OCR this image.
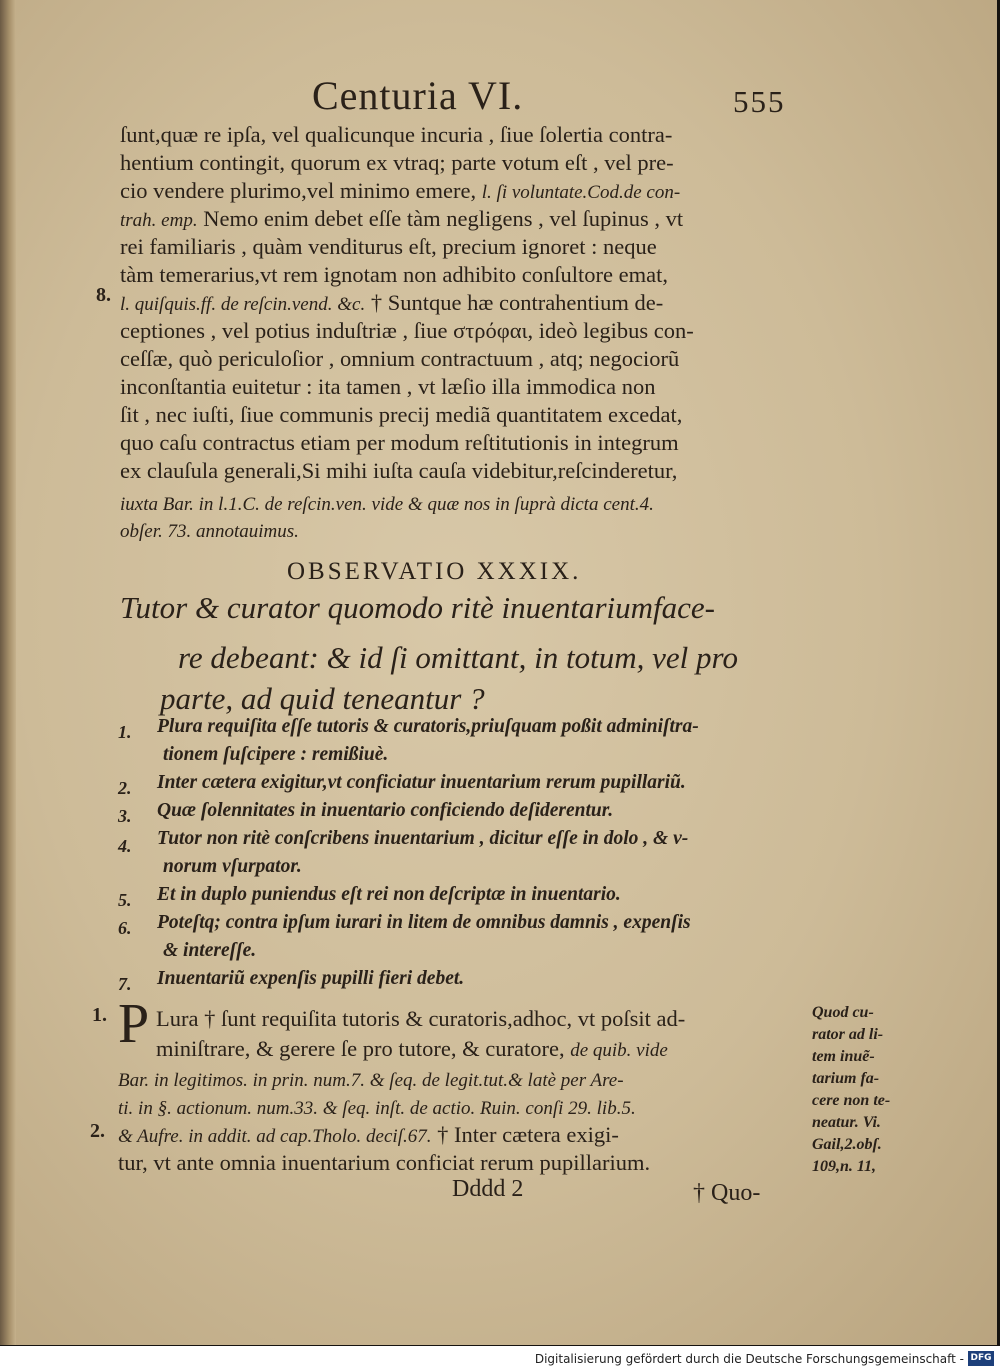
Centuria VI.	555
ſunt,quæ re ipſa, vel qualicunque incuria , ſiue ſolertia contra-
hentium contingit, quorum ex vtraq; parte votum eſt , vel pre-
cio vendere plurimo,vel minimo emere, l. ſi voluntate.Cod.de con-
trah. emp. Nemo enim debet eſſe tàm negligens , vel ſupinus , vt
rei familiaris , quàm venditurus eſt, precium ignoret : neque
tàm temerarius,vt rem ignotam non adhibito conſultore emat,
l. quiſquis.ff. de reſcin.vend. &c. † Suntque hæ contrahentium de-
ceptiones , vel potius induſtriæ , ſiue στρόφαι, ideò legibus con-
ceſſæ, quò periculoſior , omnium contractuum , atq; negociorũ
inconſtantia euitetur : ita tamen , vt læſio illa immodica non
ſit , nec iuſti, ſiue communis precij mediã quantitatem excedat,
quo caſu contractus etiam per modum reſtitutionis in integrum
ex clauſula generali,Si mihi iuſta cauſa videbitur,reſcinderetur,
iuxta Bar. in l.1.C. de reſcin.ven. vide & quæ nos in ſuprà dicta cent.4.
obſer. 73. annotauimus.
8.
OBSERVATIO XXXIX.
Tutor & curator quomodo ritè inuentariumface-
re debeant: & id ſi omittant, in totum, vel pro
parte, ad quid teneantur ?
1. Plura requiſita eſſe tutoris & curatoris,priuſquam poßit adminiſtra-
tionem ſuſcipere : remißiuè.
2. Inter cætera exigitur,vt conficiatur inuentarium rerum pupillariũ.
3. Quæ ſolennitates in inuentario conficiendo deſiderentur.
4. Tutor non ritè conſcribens inuentarium , dicitur eſſe in dolo , & v-
norum vſurpator.
5. Et in duplo puniendus eſt rei non deſcriptæ in inuentario.
6. Poteſtq; contra ipſum iurari in litem de omnibus damnis , expenſis
& intereſſe.
7. Inuentariũ expenſis pupilli fieri debet.
1.
2.
P Lura † ſunt requiſita tutoris & curatoris,adhoc, vt poſsit ad-
miniſtrare, & gerere ſe pro tutore, & curatore, de quib. vide
Bar. in legitimos. in prin. num.7. & ſeq. de legit.tut.& latè per Are-
ti. in §. actionum. num.33. & ſeq. inſt. de actio. Ruin. conſi 29. lib.5.
& Aufre. in addit. ad cap.Tholo. deciſ.67. † Inter cætera exigi-
tur, vt ante omnia inuentarium conficiat rerum pupillarium.
Quod cu-
rator ad li-
tem inuẽ-
tarium fa-
cere non te-
neatur. Vi.
Gail,2.obſ.
109,n. 11,
Dddd 2	† Quo-
Digitalisierung gefördert durch die Deutsche Forschungsgemeinschaft - DFG
